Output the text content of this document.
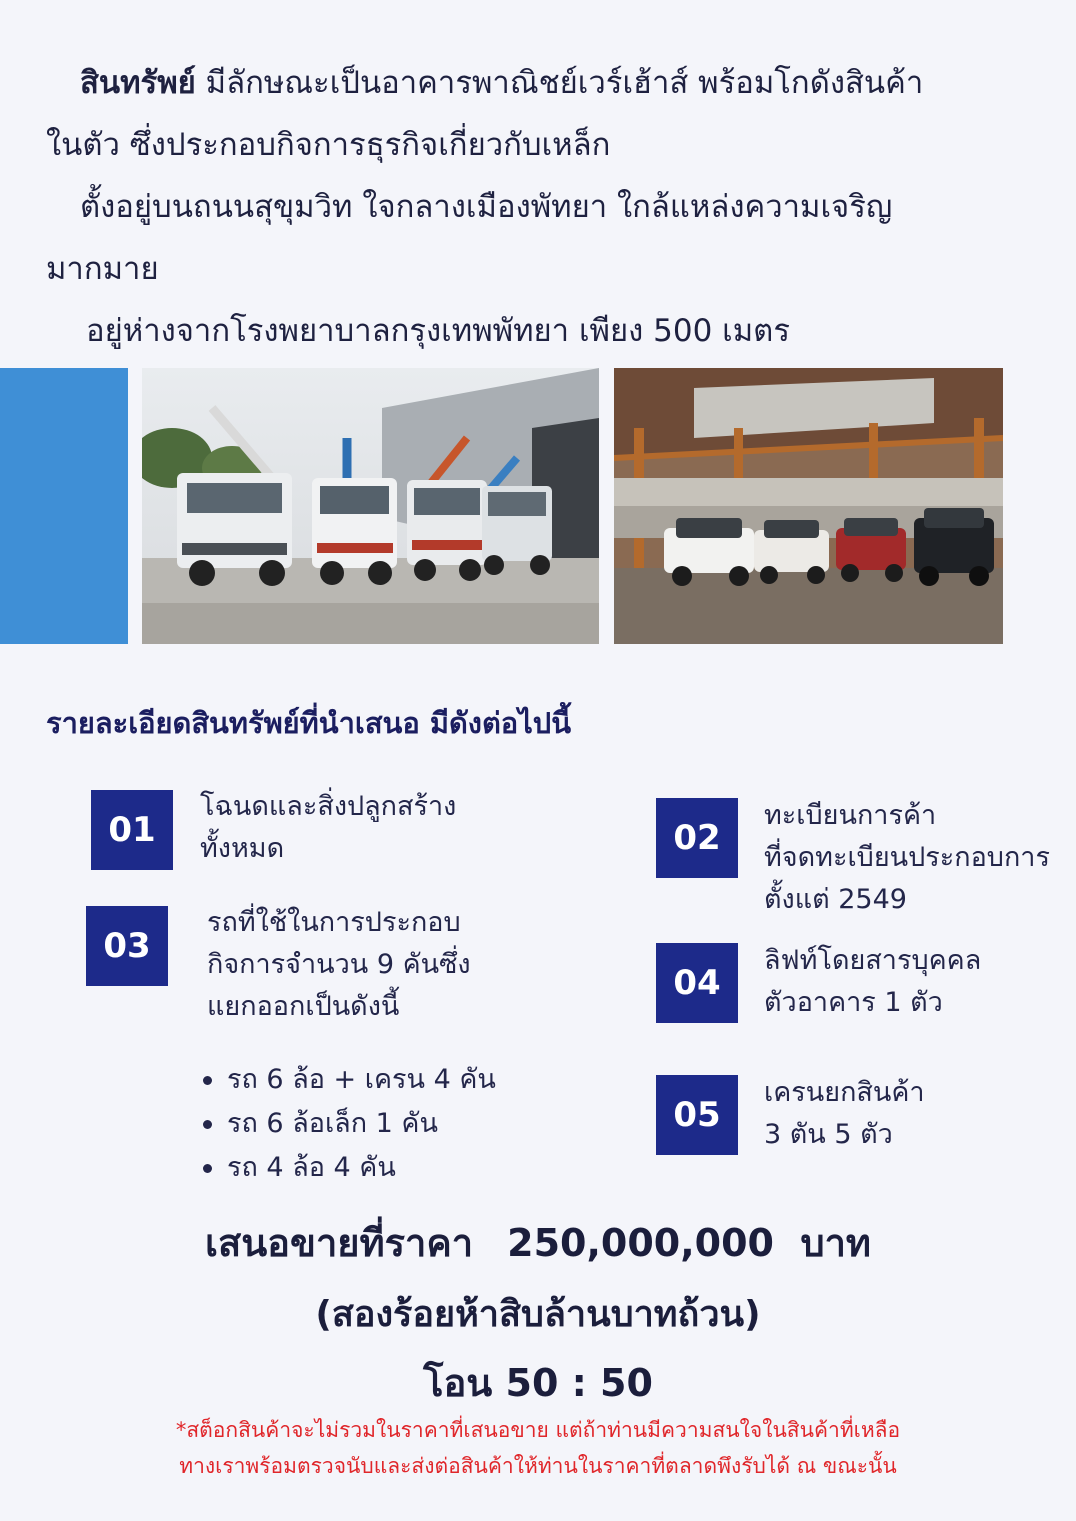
สินทรัพย์ มีลักษณะเป็นอาคารพาณิชย์เวร์เฮ้าส์ พร้อมโกดังสินค้า

ในตัว ซึ่งประกอบกิจการธุรกิจเกี่ยวกับเหล็ก

ตั้งอยู่บนถนนสุขุมวิท ใจกลางเมืองพัทยา ใกล้แหล่งความเจริญ

มากมาย

อยู่ห่างจากโรงพยาบาลกรุงเทพพัทยา เพียง 500 เมตร

รายละเอียดสินทรัพย์ที่นำเสนอ มีดังต่อไปนี้
01
โฉนดและสิ่งปลูกสร้าง
ทั้งหมด	02
ทะเบียนการค้า
ที่จดทะเบียนประกอบการ
ตั้งแต่ 2549
03
รถที่ใช้ในการประกอบ
กิจการจำนวน 9 คันซึ่ง
แยกออกเป็นดังนี้
04
ลิฟท์โดยสารบุคคล
ตัวอาคาร 1 ตัว
รถ 6 ล้อ + เครน 4 คัน
รถ 6 ล้อเล็ก 1 คัน
รถ 4 ล้อ 4 คัน
05
เครนยกสินค้า
3 ตัน 5 ตัว
เสนอขายที่ราคา 250,000,000 บาท
(สองร้อยห้าสิบล้านบาทถ้วน)
โอน 50 : 50
*สต็อกสินค้าจะไม่รวมในราคาที่เสนอขาย แต่ถ้าท่านมีความสนใจในสินค้าที่เหลือ
ทางเราพร้อมตรวจนับและส่งต่อสินค้าให้ท่านในราคาที่ตลาดพึงรับได้ ณ ขณะนั้น
